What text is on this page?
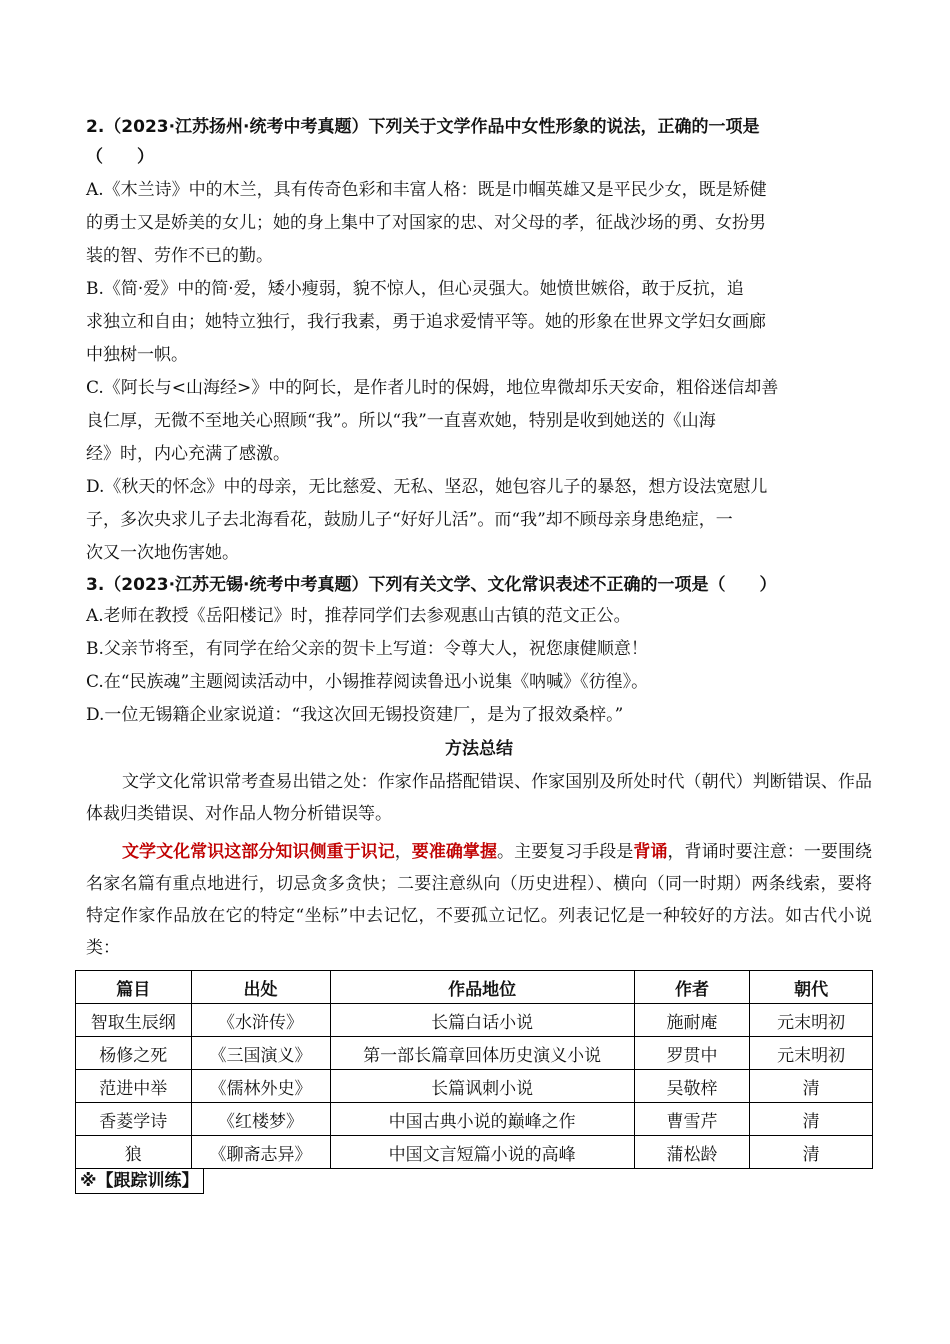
2.（2023·江苏扬州·统考中考真题）下列关于文学作品中女性形象的说法，正确的一项是

（　　）

A.《木兰诗》中的木兰，具有传奇色彩和丰富人格：既是巾帼英雄又是平民少女，既是矫健

的勇士又是娇美的女儿；她的身上集中了对国家的忠、对父母的孝，征战沙场的勇、女扮男

装的智、劳作不已的勤。

B.《简·爱》中的简·爱，矮小瘦弱，貌不惊人，但心灵强大。她愤世嫉俗，敢于反抗，追

求独立和自由；她特立独行，我行我素，勇于追求爱情平等。她的形象在世界文学妇女画廊

中独树一帜。

C.《阿长与<山海经>》中的阿长，是作者儿时的保姆，地位卑微却乐天安命，粗俗迷信却善

良仁厚，无微不至地关心照顾“我”。所以“我”一直喜欢她，特别是收到她送的《山海

经》时，内心充满了感激。

D.《秋天的怀念》中的母亲，无比慈爱、无私、坚忍，她包容儿子的暴怒，想方设法宽慰儿

子，多次央求儿子去北海看花，鼓励儿子“好好儿活”。而“我”却不顾母亲身患绝症，一

次又一次地伤害她。

3.（2023·江苏无锡·统考中考真题）下列有关文学、文化常识表述不正确的一项是（　　）

A.老师在教授《岳阳楼记》时，推荐同学们去参观惠山古镇的范文正公。

B.父亲节将至，有同学在给父亲的贺卡上写道：令尊大人，祝您康健顺意！

C.在“民族魂”主题阅读活动中，小锡推荐阅读鲁迅小说集《呐喊》《彷徨》。

D.一位无锡籍企业家说道：“我这次回无锡投资建厂，是为了报效桑梓。”

方法总结

文学文化常识常考查易出错之处：作家作品搭配错误、作家国别及所处时代（朝代）判断错误、作品体裁归类错误、对作品人物分析错误等。

文学文化常识这部分知识侧重于识记，要准确掌握。主要复习手段是背诵，背诵时要注意：一要围绕名家名篇有重点地进行，切忌贪多贪快；二要注意纵向（历史进程）、横向（同一时期）两条线索，要将特定作家作品放在它的特定“坐标”中去记忆，不要孤立记忆。列表记忆是一种较好的方法。如古代小说类：

篇目	出处	作品地位	作者	朝代
智取生辰纲	《水浒传》	长篇白话小说	施耐庵	元末明初
杨修之死	《三国演义》	第一部长篇章回体历史演义小说	罗贯中	元末明初
范进中举	《儒林外史》	长篇讽刺小说	吴敬梓	清
香菱学诗	《红楼梦》	中国古典小说的巅峰之作	曹雪芹	清
狼	《聊斋志异》	中国文言短篇小说的高峰	蒲松龄	清
※【跟踪训练】
